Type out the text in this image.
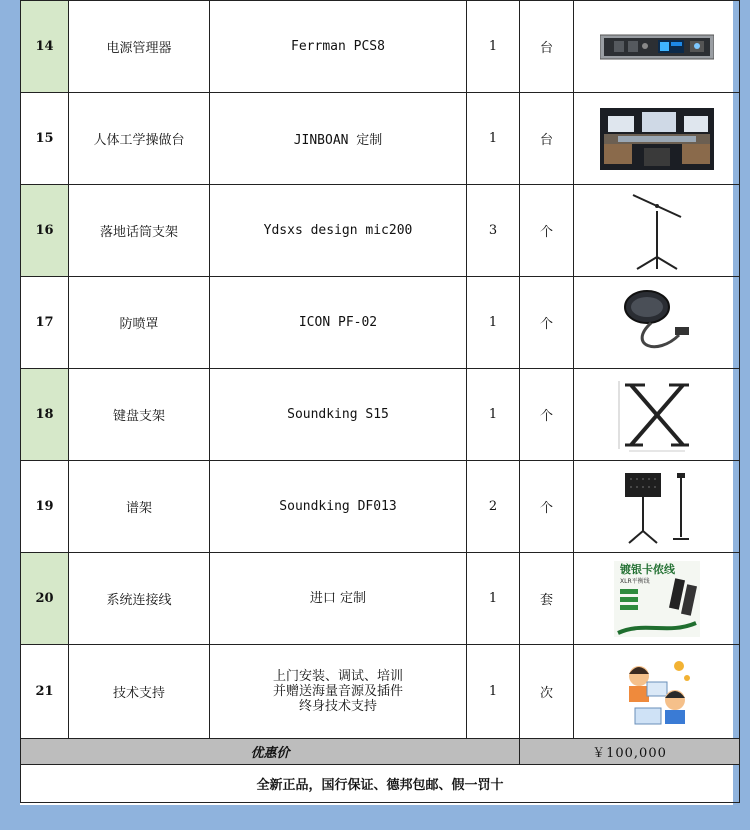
14	电源管理器	Ferrman PCS8	1	台	

15	人体工学操做台	JINBOAN 定制	1	台	

16	落地话筒支架	Ydsxs design mic200	3	个	

17	防喷罩	ICON PF-02	1	个	

18	键盘支架	Soundking S15	1	个	

19	谱架	Soundking DF013	2	个	

20	系统连接线	进口 定制	1	套	镀银卡侬线
XLR平衡线

21	技术支持	上门安装、调试、培训
并赠送海量音源及插件
终身技术支持	1	次	

优惠价				￥100,000	
全新正品，国行保证、德邦包邮、假一罚十					
